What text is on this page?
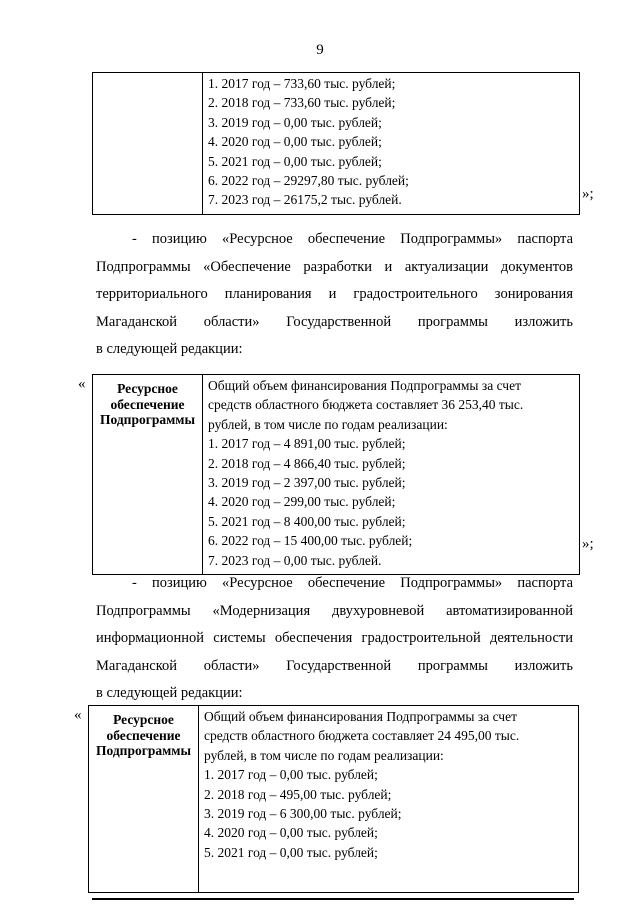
9

1. 2017 год – 733,60 тыс. рублей;
2. 2018 год – 733,60 тыс. рублей;
3. 2019 год – 0,00 тыс. рублей;
4. 2020 год – 0,00 тыс. рублей;
5. 2021 год – 0,00 тыс. рублей;
6. 2022 год – 29297,80 тыс. рублей;
7. 2023 год – 26175,2 тыс. рублей.	»;
- позицию «Ресурсное обеспечение Подпрограммы» паспорта
Подпрограммы «Обеспечение разработки и актуализации документов
территориального планирования и градостроительного зонирования
Магаданской области» Государственной программы изложить
в следующей редакции:
«	Ресурсное
обеспечение
Подпрограммы

Общий объем финансирования Подпрограммы за счет
средств областного бюджета составляет 36 253,40 тыс.
рублей, в том числе по годам реализации:
1. 2017 год – 4 891,00 тыс. рублей;
2. 2018 год – 4 866,40 тыс. рублей;
3. 2019 год – 2 397,00 тыс. рублей;
4. 2020 год – 299,00 тыс. рублей;
5. 2021 год – 8 400,00 тыс. рублей;
6. 2022 год – 15 400,00 тыс. рублей;
7. 2023 год – 0,00 тыс. рублей.
»;
- позицию «Ресурсное обеспечение Подпрограммы» паспорта
Подпрограммы «Модернизация двухуровневой автоматизированной
информационной системы обеспечения градостроительной деятельности
Магаданской области» Государственной программы изложить
в следующей редакции:
«	Ресурсное
обеспечение
Подпрограммы

Общий объем финансирования Подпрограммы за счет
средств областного бюджета составляет 24 495,00 тыс.
рублей, в том числе по годам реализации:
1. 2017 год – 0,00 тыс. рублей;
2. 2018 год – 495,00 тыс. рублей;
3. 2019 год – 6 300,00 тыс. рублей;
4. 2020 год – 0,00 тыс. рублей;
5. 2021 год – 0,00 тыс. рублей;
